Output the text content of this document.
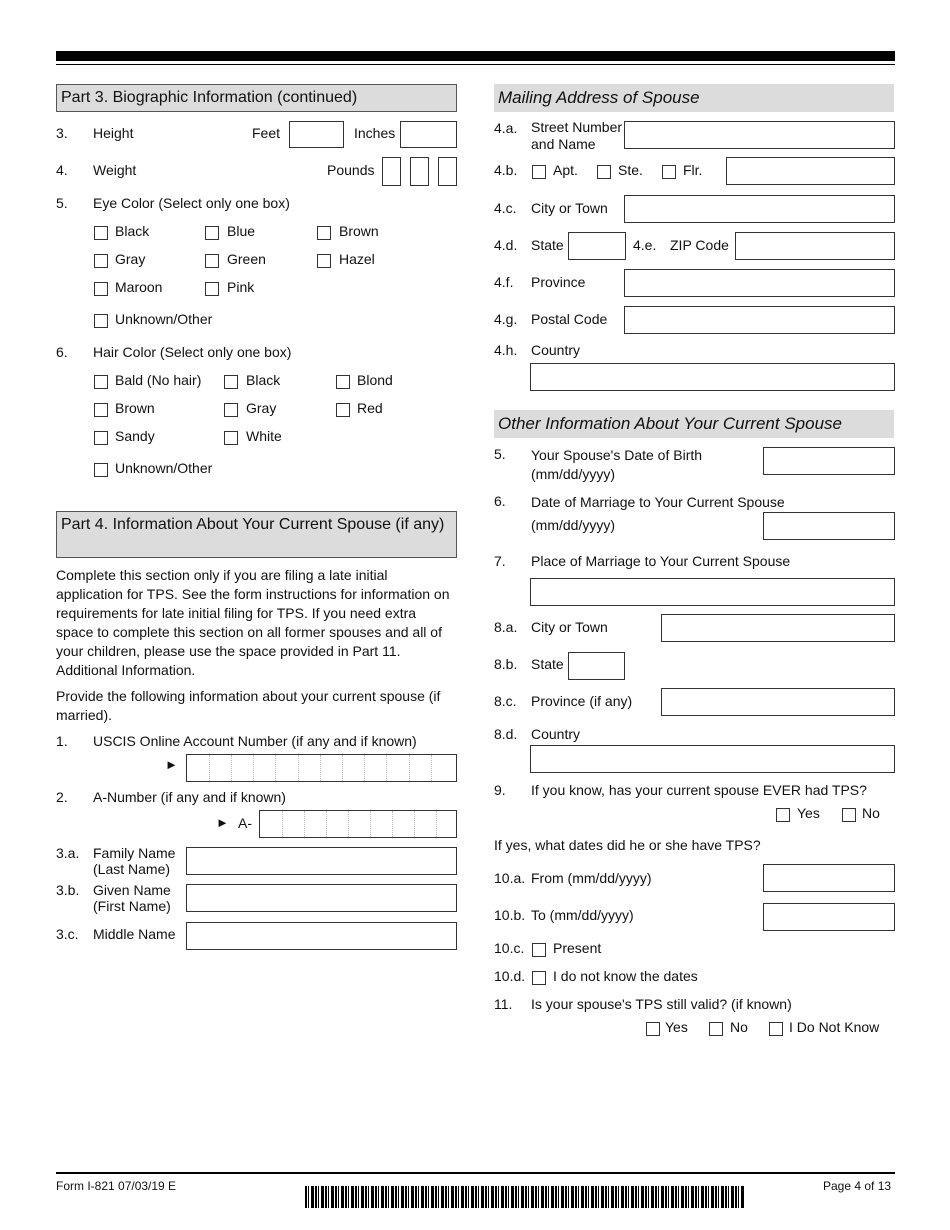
Part 3. Biographic Information (continued)
3. Height	Feet	Inches
4. Weight	Pounds
5. Eye Color (Select only one box)
Black	Blue	Brown
Gray	Green	Hazel
Maroon	Pink
Unknown/Other
6. Hair Color (Select only one box)
Bald (No hair)	Black	Blond
Brown	Gray	Red
Sandy	White
Unknown/Other
Part 4. Information About Your Current Spouse (if any)
Complete this section only if you are filing a late initial application for TPS. See the form instructions for information on requirements for late initial filing for TPS. If you need extra space to complete this section on all former spouses and all of your children, please use the space provided in Part 11. Additional Information.
Provide the following information about your current spouse (if married).
1. USCIS Online Account Number (if any and if known)
►
2. A-Number (if any and if known)
► A-
3.a. Family Name
(Last Name)
3.b. Given Name
(First Name)
3.c. Middle Name
Mailing Address of Spouse
4.a. Street Number
and Name
4.b.	Apt.	Ste.	Flr.
4.c. City or Town
4.d. State	4.e. ZIP Code
4.f. Province
4.g. Postal Code
4.h. Country
Other Information About Your Current Spouse
5. Your Spouse's Date of Birth
(mm/dd/yyyy)
6. Date of Marriage to Your Current Spouse
(mm/dd/yyyy)
7. Place of Marriage to Your Current Spouse
8.a. City or Town
8.b. State
8.c. Province (if any)
8.d. Country
9. If you know, has your current spouse EVER had TPS?
Yes	No
If yes, what dates did he or she have TPS?
10.a. From (mm/dd/yyyy)
10.b. To (mm/dd/yyyy)
10.c. Present
10.d. I do not know the dates
11. Is your spouse's TPS still valid? (if known)
Yes	No	I Do Not Know
Form I-821 07/03/19 E	Page 4 of 13
